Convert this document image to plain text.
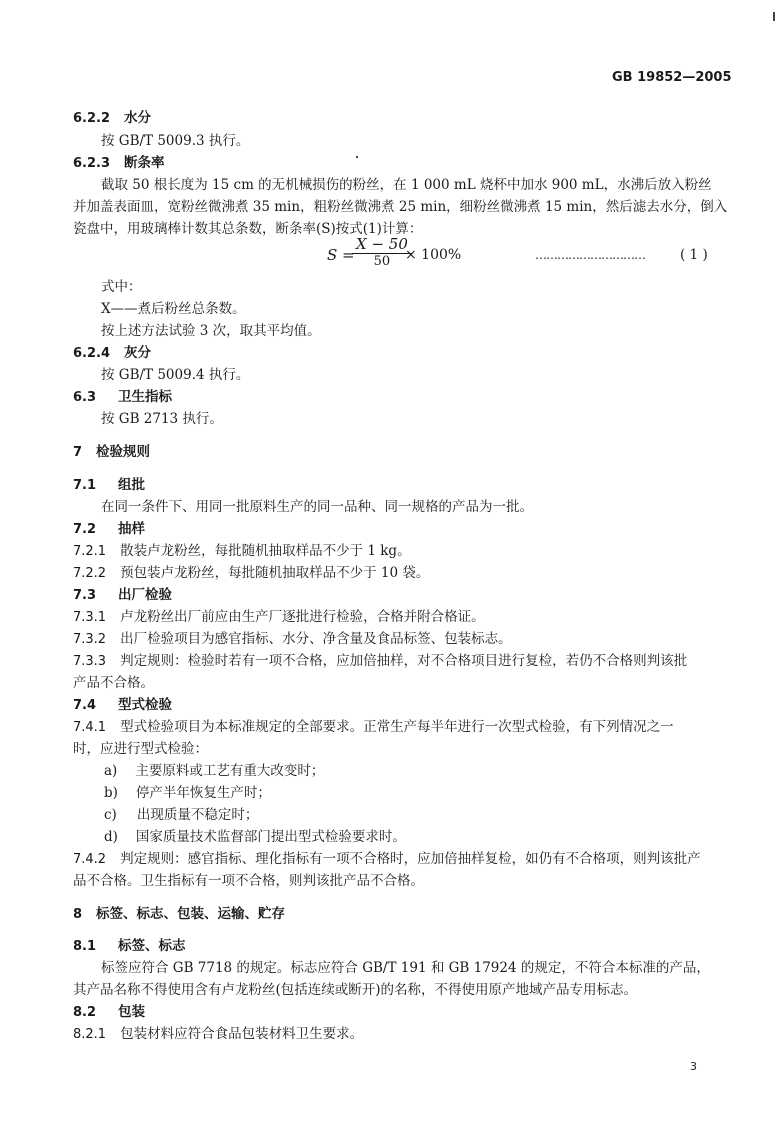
GB 19852—2005
6.2.2 水分
按 GB/T 5009.3 执行。
6.2.3 断条率
截取 50 根长度为 15 cm 的无机械损伤的粉丝，在 1 000 mL 烧杯中加水 900 mL，水沸后放入粉丝
并加盖表面皿，宽粉丝微沸煮 35 min，粗粉丝微沸煮 25 min，细粉丝微沸煮 15 min，然后滤去水分，倒入
瓷盘中，用玻璃棒计数其总条数，断条率(S)按式(1)计算：
S =
$\frac{X - 50}{50}$
× 100%	…………………………	( 1 )
式中：
X——煮后粉丝总条数。
按上述方法试验 3 次，取其平均值。
6.2.4 灰分
按 GB/T 5009.4 执行。
6.3 卫生指标
按 GB 2713 执行。
7 检验规则
7.1 组批
在同一条件下、用同一批原料生产的同一品种、同一规格的产品为一批。
7.2 抽样
7.2.1 散装卢龙粉丝，每批随机抽取样品不少于 1 kg。
7.2.2 预包装卢龙粉丝，每批随机抽取样品不少于 10 袋。
7.3 出厂检验
7.3.1 卢龙粉丝出厂前应由生产厂逐批进行检验，合格并附合格证。
7.3.2 出厂检验项目为感官指标、水分、净含量及食品标签、包装标志。
7.3.3 判定规则：检验时若有一项不合格，应加倍抽样，对不合格项目进行复检，若仍不合格则判该批
产品不合格。
7.4 型式检验
7.4.1 型式检验项目为本标准规定的全部要求。正常生产每半年进行一次型式检验，有下列情况之一
时，应进行型式检验：
a) 主要原料或工艺有重大改变时；
b) 停产半年恢复生产时；
c) 出现质量不稳定时；
d) 国家质量技术监督部门提出型式检验要求时。
7.4.2 判定规则：感官指标、理化指标有一项不合格时，应加倍抽样复检，如仍有不合格项，则判该批产
品不合格。卫生指标有一项不合格，则判该批产品不合格。
8 标签、标志、包装、运输、贮存
8.1 标签、标志
标签应符合 GB 7718 的规定。标志应符合 GB/T 191 和 GB 17924 的规定，不符合本标准的产品，
其产品名称不得使用含有卢龙粉丝(包括连续或断开)的名称，不得使用原产地域产品专用标志。
8.2 包装
8.2.1 包装材料应符合食品包装材料卫生要求。
3
